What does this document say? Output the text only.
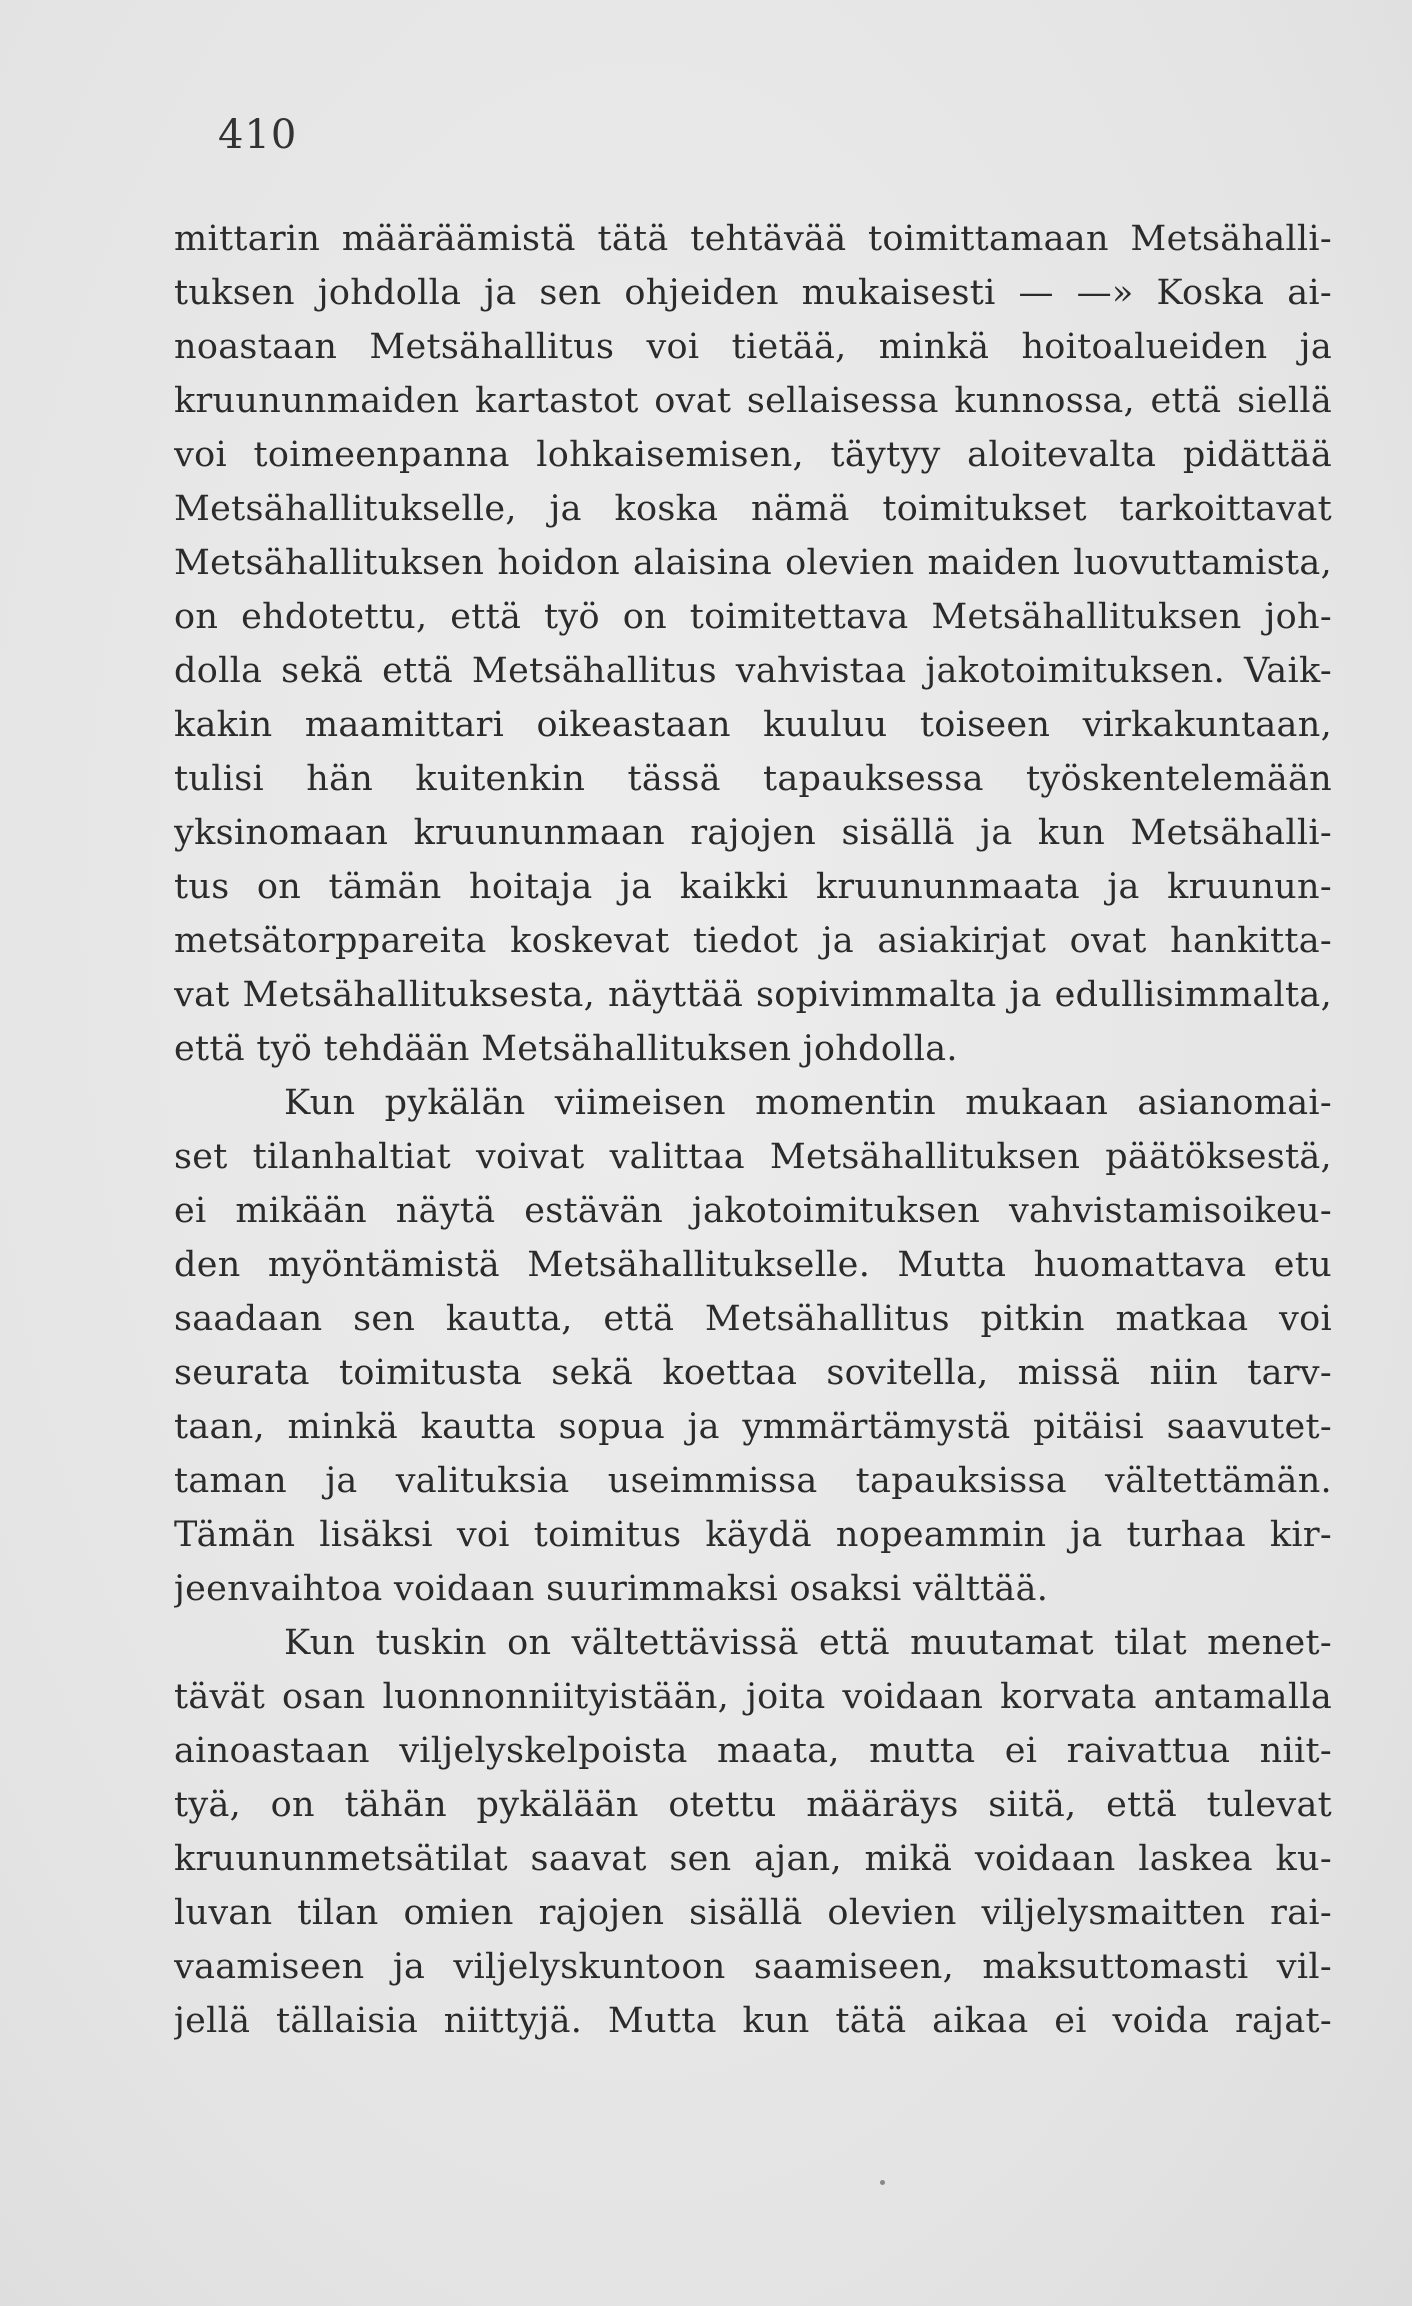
410
mittarin määräämistä tätä tehtävää toimittamaan Metsähalli-
tuksen johdolla ja sen ohjeiden mukaisesti — —» Koska ai-
noastaan Metsähallitus voi tietää, minkä hoitoalueiden ja
kruununmaiden kartastot ovat sellaisessa kunnossa, että siellä
voi toimeenpanna lohkaisemisen, täytyy aloitevalta pidättää
Metsähallitukselle, ja koska nämä toimitukset tarkoittavat
Metsähallituksen hoidon alaisina olevien maiden luovuttamista,
on ehdotettu, että työ on toimitettava Metsähallituksen joh-
dolla sekä että Metsähallitus vahvistaa jakotoimituksen. Vaik-
kakin maamittari oikeastaan kuuluu toiseen virkakuntaan,
tulisi hän kuitenkin tässä tapauksessa työskentelemään
yksinomaan kruununmaan rajojen sisällä ja kun Metsähalli-
tus on tämän hoitaja ja kaikki kruununmaata ja kruunun-
metsätorppareita koskevat tiedot ja asiakirjat ovat hankitta-
vat Metsähallituksesta, näyttää sopivimmalta ja edullisimmalta,
että työ tehdään Metsähallituksen johdolla.
Kun pykälän viimeisen momentin mukaan asianomai-
set tilanhaltiat voivat valittaa Metsähallituksen päätöksestä,
ei mikään näytä estävän jakotoimituksen vahvistamisoikeu-
den myöntämistä Metsähallitukselle. Mutta huomattava etu
saadaan sen kautta, että Metsähallitus pitkin matkaa voi
seurata toimitusta sekä koettaa sovitella, missä niin tarv-
taan, minkä kautta sopua ja ymmärtämystä pitäisi saavutet-
taman ja valituksia useimmissa tapauksissa vältettämän.
Tämän lisäksi voi toimitus käydä nopeammin ja turhaa kir-
jeenvaihtoa voidaan suurimmaksi osaksi välttää.
Kun tuskin on vältettävissä että muutamat tilat menet-
tävät osan luonnonniityistään, joita voidaan korvata antamalla
ainoastaan viljelyskelpoista maata, mutta ei raivattua niit-
tyä, on tähän pykälään otettu määräys siitä, että tulevat
kruununmetsätilat saavat sen ajan, mikä voidaan laskea ku-
luvan tilan omien rajojen sisällä olevien viljelysmaitten rai-
vaamiseen ja viljelyskuntoon saamiseen, maksuttomasti vil-
jellä tällaisia niittyjä. Mutta kun tätä aikaa ei voida rajat-
